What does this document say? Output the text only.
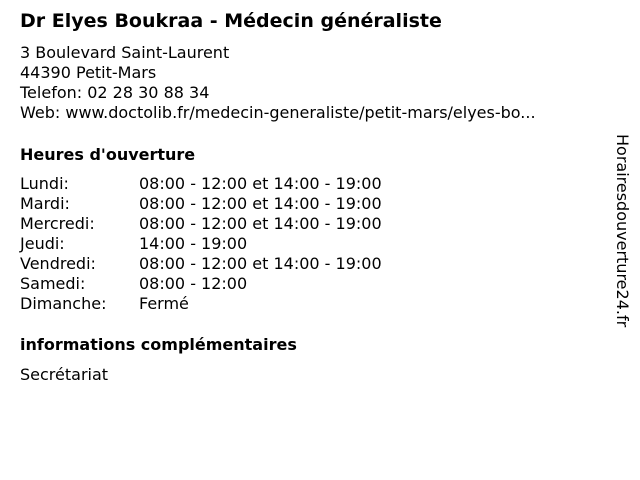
Dr Elyes Boukraa - Médecin généraliste
3 Boulevard Saint-Laurent
44390 Petit-Mars
Telefon: 02 28 30 88 34
Web: www.doctolib.fr/medecin-generaliste/petit-mars/elyes-bo...
Heures d'ouverture
Lundi:	08:00 - 12:00 et 14:00 - 19:00
Mardi:	08:00 - 12:00 et 14:00 - 19:00
Mercredi:	08:00 - 12:00 et 14:00 - 19:00
Jeudi:	14:00 - 19:00
Vendredi:	08:00 - 12:00 et 14:00 - 19:00
Samedi:	08:00 - 12:00
Dimanche:	Fermé
informations complémentaires
Secrétariat
Horairesdouverture24.fr
